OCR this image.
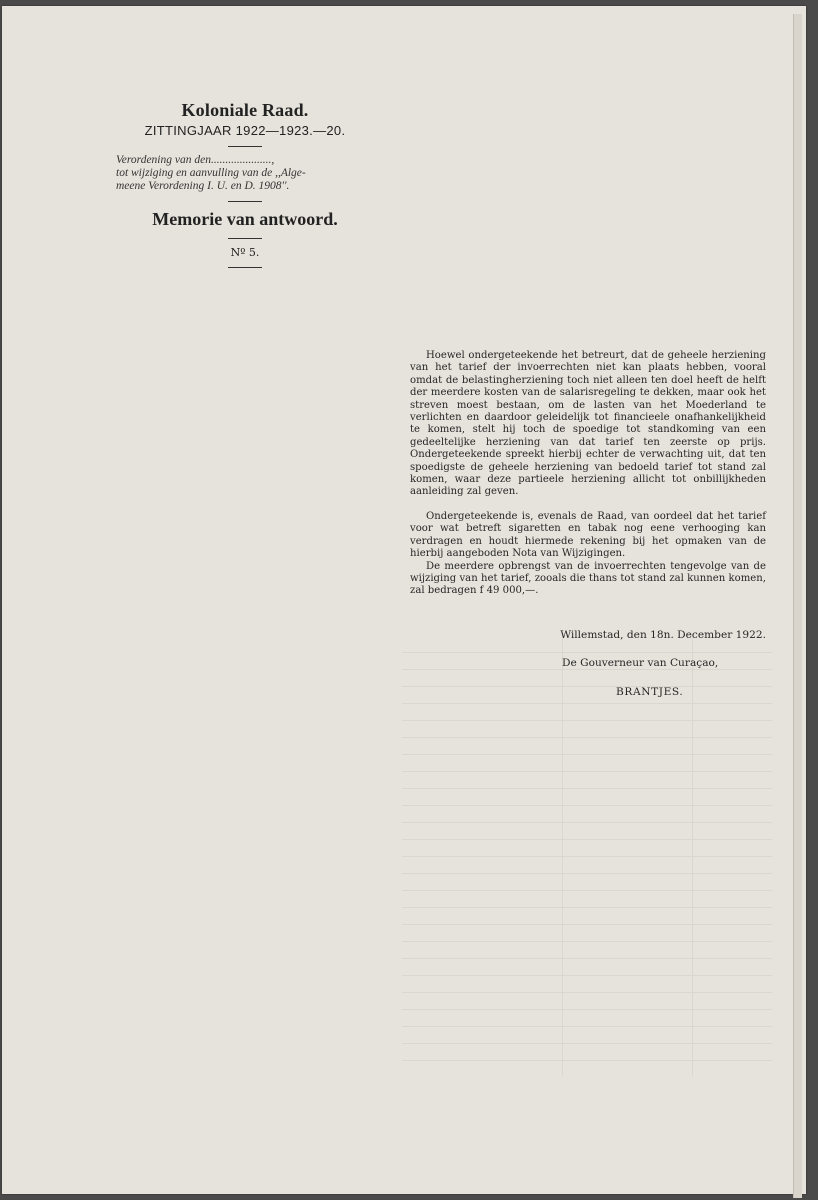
Koloniale Raad.
ZITTINGJAAR 1922—1923.—20.
Verordening van den.....................,
tot wijziging en aanvulling van de ,,Alge-
meene Verordening I. U. en D. 1908''.
Memorie van antwoord.
Nº 5.

Hoewel ondergeteekende het betreurt, dat de geheele herziening van het tarief der invoerrechten niet kan plaats hebben, vooral omdat de belastingherziening toch niet alleen ten doel heeft de helft der meerdere kosten van de salarisregeling te dekken, maar ook het streven moest bestaan, om de lasten van het Moederland te verlichten en daardoor geleidelijk tot financieele onafhankelijkheid te komen, stelt hij toch de spoedige tot standkoming van een gedeeltelijke herziening van dat tarief ten zeerste op prijs. Ondergeteekende spreekt hierbij echter de verwachting uit, dat ten spoedigste de geheele herziening van bedoeld tarief tot stand zal komen, waar deze partieele herziening allicht tot onbillijkheden aanleiding zal geven.

Ondergeteekende is, evenals de Raad, van oordeel dat het tarief voor wat betreft sigaretten en tabak nog eene verhooging kan verdragen en houdt hiermede rekening bij het opmaken van de hierbij aangeboden Nota van Wijzigingen.

De meerdere opbrengst van de invoerrechten tengevolge van de wijziging van het tarief, zooals die thans tot stand zal kunnen komen, zal bedragen f 49 000,—.

Willemstad, den 18n. December 1922.
De Gouverneur van Curaçao,
BRANTJES.
